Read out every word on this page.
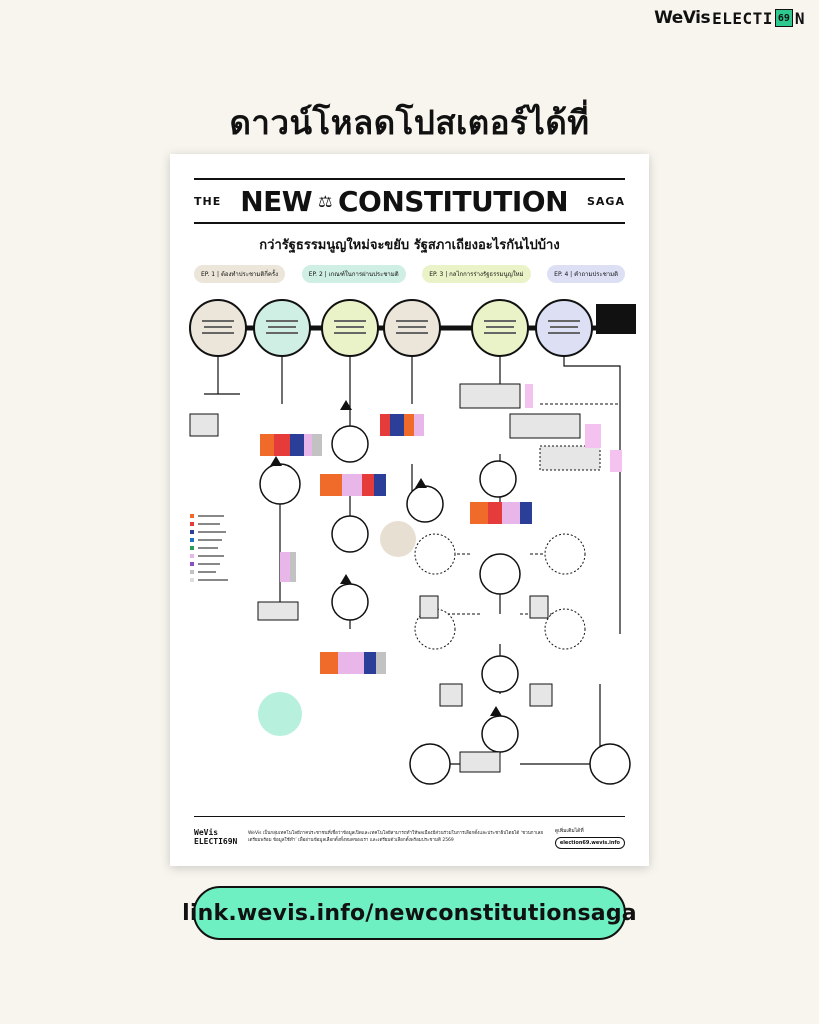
WeVis ELECTI 69 N
ดาวน์โหลดโปสเตอร์ได้ที่
THE NEW ⚖ CONSTITUTION SAGA
กว่ารัฐธรรมนูญใหม่จะขยับ รัฐสภาเถียงอะไรกันไปบ้าง
EP. 1 | ต้องทำประชามติกี่ครั้ง	EP. 2 | เกณฑ์ในการผ่านประชามติ	EP. 3 | กลไกการร่างรัฐธรรมนูญใหม่	EP. 4 | คำถามประชามติ
WeVis
ELECTI69N
WeVis เป็นกลุ่มเทคโนโลยีภาคประชาชนที่เชื่อว่าข้อมูลเปิดและเทคโนโลยีสามารถทำให้พลเมืองมีส่วนร่วมในการเลือกตั้งและประชาธิปไตยได้ ‘ชวนกาเลย เตรียมพร้อม ข้อมูลใช้ทำ’ เพื่ออ่านข้อมูลเลือกตั้งทั้งหมดของเรา และเตรียมตัวเลือกตั้งพร้อมประชามติ 2569
ดูเพิ่มเติมได้ที่
election69.wevis.info
link.wevis.info/newconstitutionsaga
